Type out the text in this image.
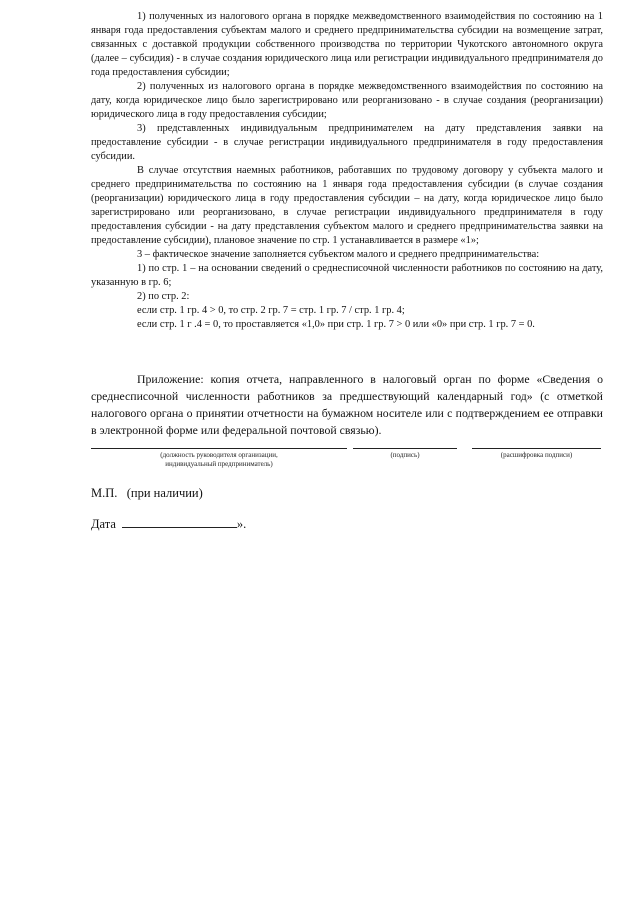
1) полученных из налогового органа в порядке межведомственного взаимодействия по состоянию на 1 января года предоставления субъектам малого и среднего предпринимательства субсидии на возмещение затрат, связанных с доставкой продукции собственного производства по территории Чукотского автономного округа (далее – субсидия) - в случае создания юридического лица или регистрации индивидуального предпринимателя до года предоставления субсидии;

2) полученных из налогового органа в порядке межведомственного взаимодействия по состоянию на дату, когда юридическое лицо было зарегистрировано или реорганизовано - в случае создания (реорганизации) юридического лица в году предоставления субсидии;

3) представленных индивидуальным предпринимателем на дату представления заявки на предоставление субсидии - в случае регистрации индивидуального предпринимателя в году предоставления субсидии.

В случае отсутствия наемных работников, работавших по трудовому договору у субъекта малого и среднего предпринимательства по состоянию на 1 января года предоставления субсидии (в случае создания (реорганизации) юридического лица в году предоставления субсидии – на дату, когда юридическое лицо было зарегистрировано или реорганизовано, в случае регистрации индивидуального предпринимателя в году предоставления субсидии - на дату представления субъектом малого и среднего предпринимательства заявки на предоставление субсидии), плановое значение по стр. 1 устанавливается в размере «1»;

3 – фактическое значение заполняется субъектом малого и среднего предпринимательства:

1) по стр. 1 – на основании сведений о среднесписочной численности работников по состоянию на дату, указанную в гр. 6;

2) по стр. 2:

если стр. 1 гр. 4 > 0, то стр. 2 гр. 7 = стр. 1 гр. 7 / стр. 1 гр. 4;

если стр. 1 г .4 = 0, то проставляется «1,0» при стр. 1 гр. 7 > 0 или «0» при стр. 1 гр. 7 = 0.

Приложение: копия отчета, направленного в налоговый орган по форме «Сведения о среднесписочной численности работников за предшествующий календарный год» (с отметкой налогового органа о принятии отчетности на бумажном носителе или с подтверждением ее отправки в электронной форме или федеральной почтовой связью).

(должность руководителя организации,
индивидуальный предприниматель)
(подпись)	(расшифровка подписи)
М.П.   (при наличии)
Дата	».
